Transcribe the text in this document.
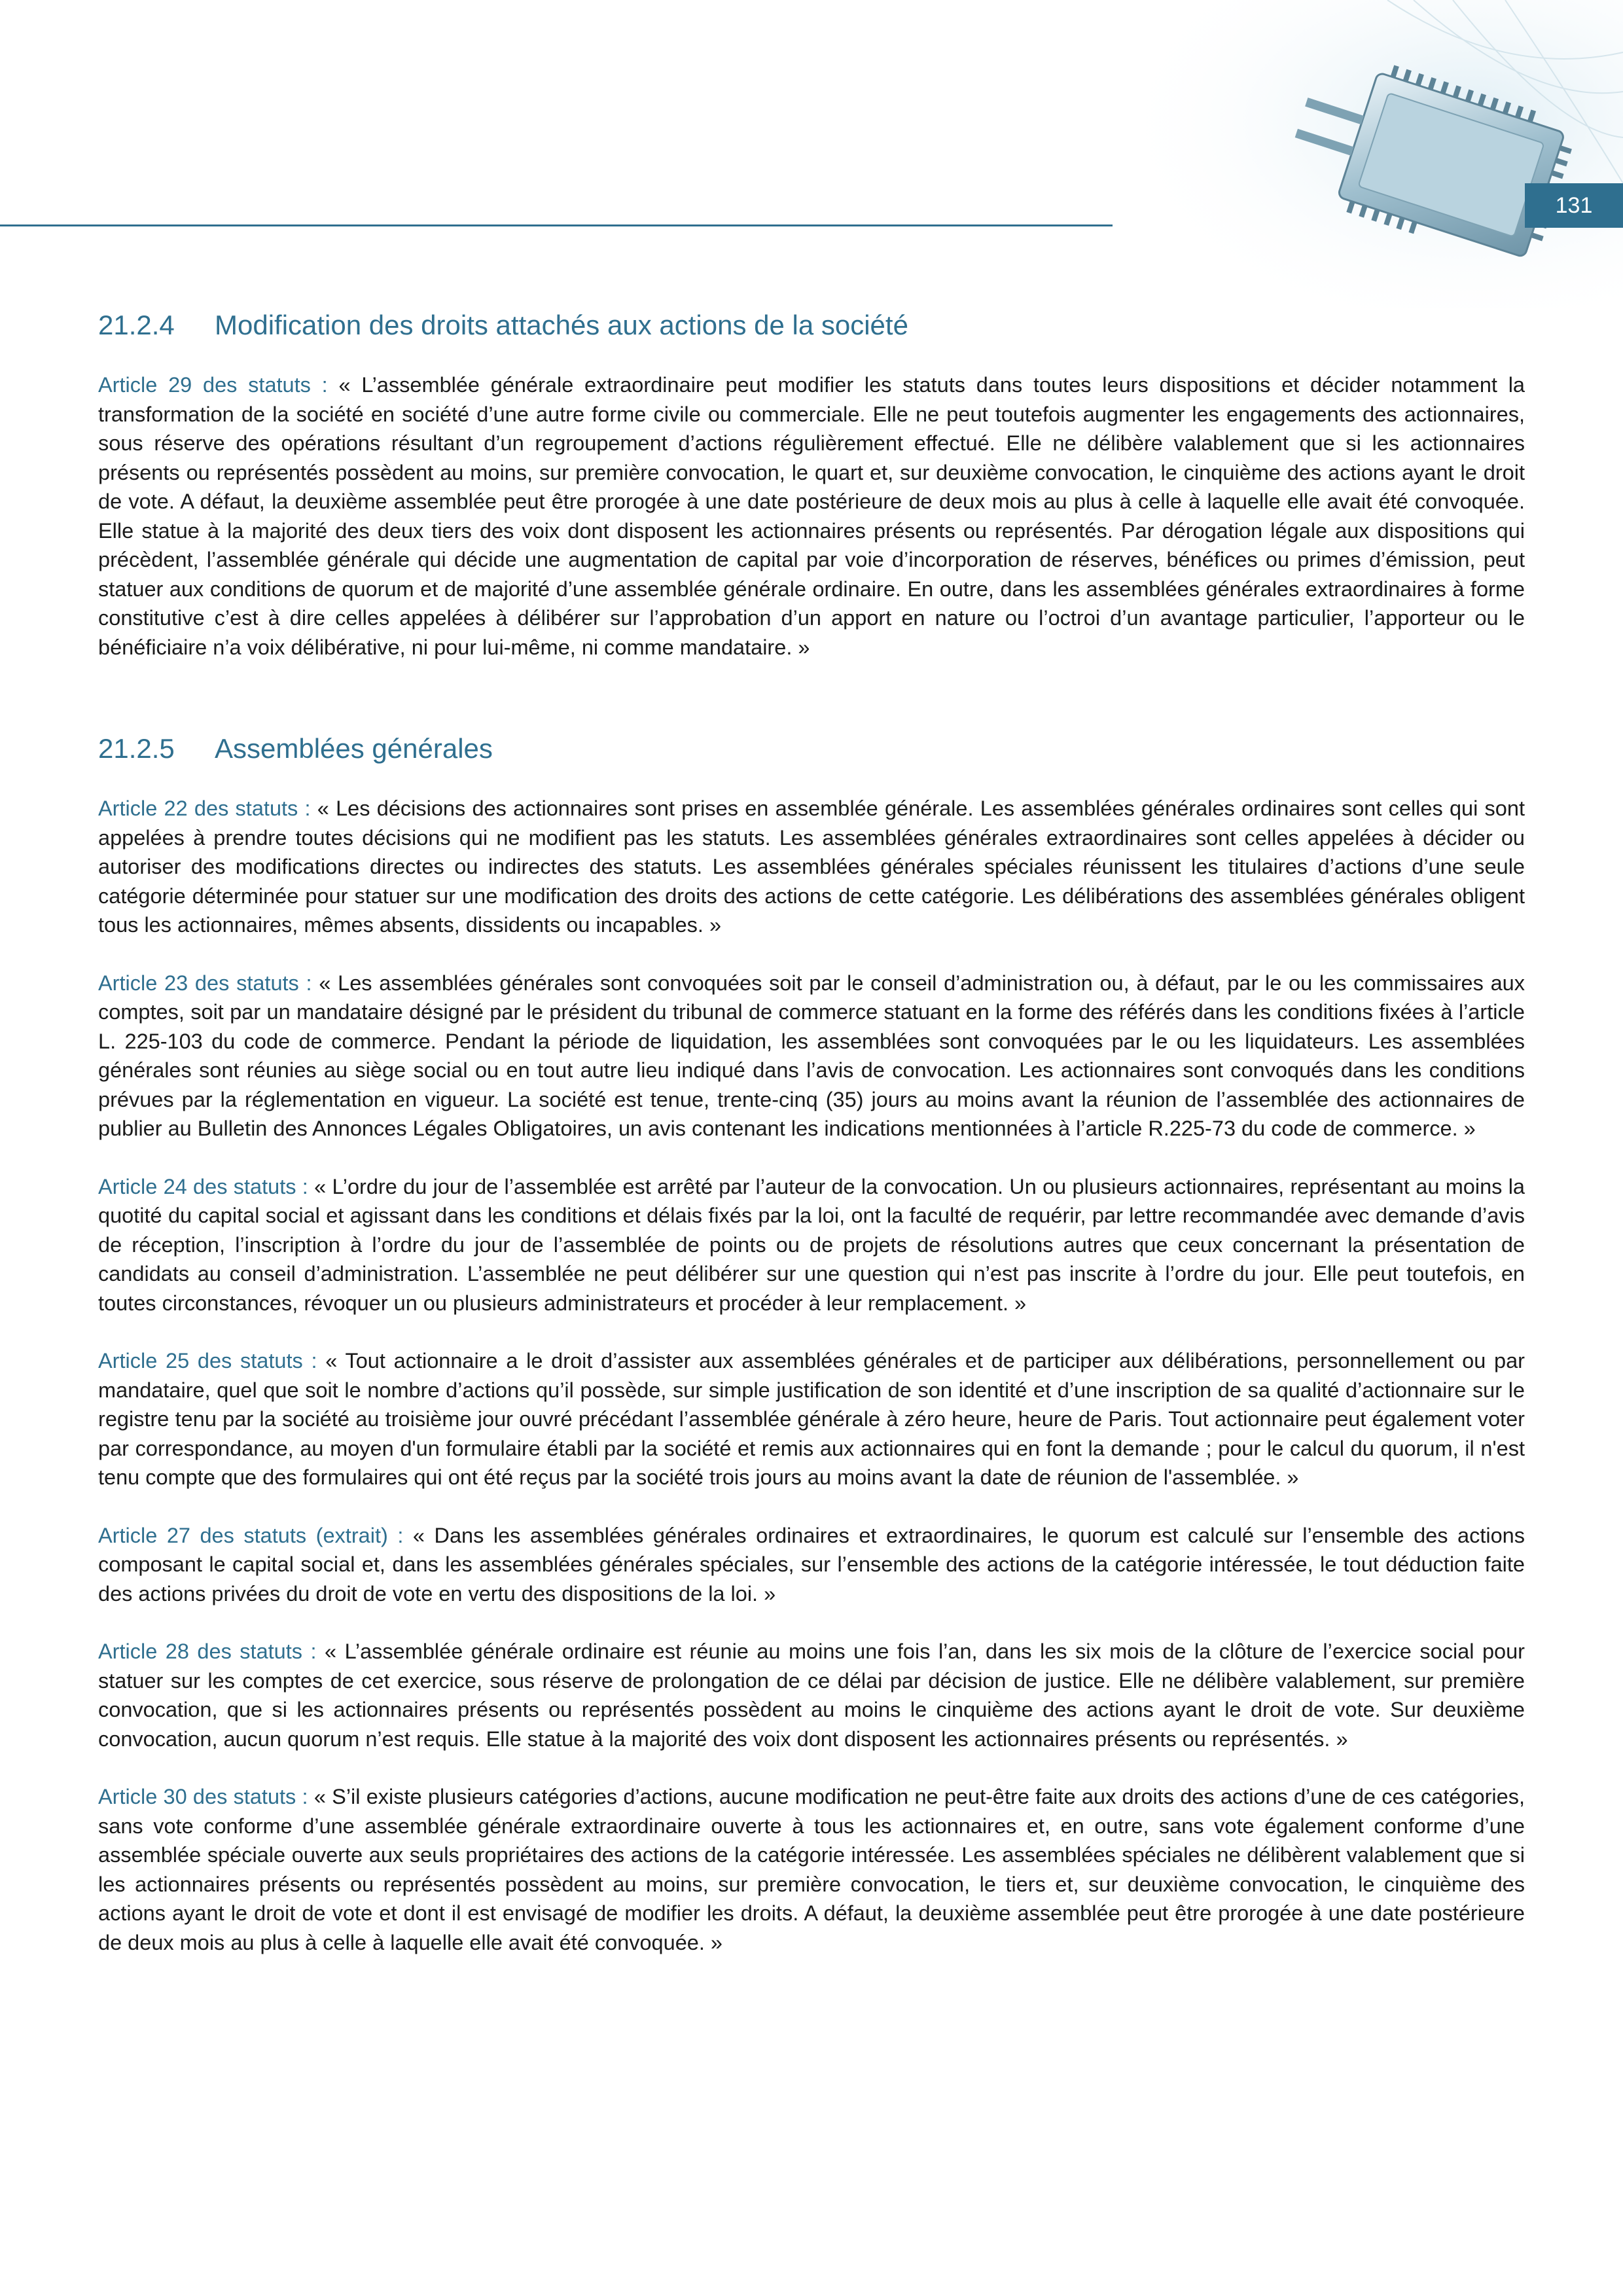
131
21.2.4 Modification des droits attachés aux actions de la société

Article 29 des statuts : « L’assemblée générale extraordinaire peut modifier les statuts dans toutes leurs dispositions et décider notamment la transformation de la société en société d’une autre forme civile ou commerciale. Elle ne peut toutefois augmenter les engagements des actionnaires, sous réserve des opérations résultant d’un regroupement d’actions régulièrement effectué. Elle ne délibère valablement que si les actionnaires présents ou représentés possèdent au moins, sur première convocation, le quart et, sur deuxième convocation, le cinquième des actions ayant le droit de vote. A défaut, la deuxième assemblée peut être prorogée à une date postérieure de deux mois au plus à celle à laquelle elle avait été convoquée. Elle statue à la majorité des deux tiers des voix dont disposent les actionnaires présents ou représentés. Par dérogation légale aux dispositions qui précèdent, l’assemblée générale qui décide une augmentation de capital par voie d’incorporation de réserves, bénéfices ou primes d’émission, peut statuer aux conditions de quorum et de majorité d’une assemblée générale ordinaire. En outre, dans les assemblées générales extraordinaires à forme constitutive c’est à dire celles appelées à délibérer sur l’approbation d’un apport en nature ou l’octroi d’un avantage particulier, l’apporteur ou le bénéficiaire n’a voix délibérative, ni pour lui-même, ni comme mandataire. »

21.2.5 Assemblées générales

Article 22 des statuts : « Les décisions des actionnaires sont prises en assemblée générale. Les assemblées générales ordinaires sont celles qui sont appelées à prendre toutes décisions qui ne modifient pas les statuts. Les assemblées générales extraordinaires sont celles appelées à décider ou autoriser des modifications directes ou indirectes des statuts. Les assemblées générales spéciales réunissent les titulaires d’actions d’une seule catégorie déterminée pour statuer sur une modification des droits des actions de cette catégorie. Les délibérations des assemblées générales obligent tous les actionnaires, mêmes absents, dissidents ou incapables. »

Article 23 des statuts : « Les assemblées générales sont convoquées soit par le conseil d’administration ou, à défaut, par le ou les commissaires aux comptes, soit par un mandataire désigné par le président du tribunal de commerce statuant en la forme des référés dans les conditions fixées à l’article L. 225-103 du code de commerce. Pendant la période de liquidation, les assemblées sont convoquées par le ou les liquidateurs. Les assemblées générales sont réunies au siège social ou en tout autre lieu indiqué dans l’avis de convocation. Les actionnaires sont convoqués dans les conditions prévues par la réglementation en vigueur. La société est tenue, trente-cinq (35) jours au moins avant la réunion de l’assemblée des actionnaires de publier au Bulletin des Annonces Légales Obligatoires, un avis contenant les indications mentionnées à l’article R.225-73 du code de commerce. »

Article 24 des statuts : « L’ordre du jour de l’assemblée est arrêté par l’auteur de la convocation. Un ou plusieurs actionnaires, représentant au moins la quotité du capital social et agissant dans les conditions et délais fixés par la loi, ont la faculté de requérir, par lettre recommandée avec demande d’avis de réception, l’inscription à l’ordre du jour de l’assemblée de points ou de projets de résolutions autres que ceux concernant la présentation de candidats au conseil d’administration. L’assemblée ne peut délibérer sur une question qui n’est pas inscrite à l’ordre du jour. Elle peut toutefois, en toutes circonstances, révoquer un ou plusieurs administrateurs et procéder à leur remplacement. »

Article 25 des statuts : « Tout actionnaire a le droit d’assister aux assemblées générales et de participer aux délibérations, personnellement ou par mandataire, quel que soit le nombre d’actions qu’il possède, sur simple justification de son identité et d’une inscription de sa qualité d’actionnaire sur le registre tenu par la société au troisième jour ouvré précédant l’assemblée générale à zéro heure, heure de Paris. Tout actionnaire peut également voter par correspondance, au moyen d'un formulaire établi par la société et remis aux actionnaires qui en font la demande ; pour le calcul du quorum, il n'est tenu compte que des formulaires qui ont été reçus par la société trois jours au moins avant la date de réunion de l'assemblée. »

Article 27 des statuts (extrait) : « Dans les assemblées générales ordinaires et extraordinaires, le quorum est calculé sur l’ensemble des actions composant le capital social et, dans les assemblées générales spéciales, sur l’ensemble des actions de la catégorie intéressée, le tout déduction faite des actions privées du droit de vote en vertu des dispositions de la loi. »

Article 28 des statuts : « L’assemblée générale ordinaire est réunie au moins une fois l’an, dans les six mois de la clôture de l’exercice social pour statuer sur les comptes de cet exercice, sous réserve de prolongation de ce délai par décision de justice. Elle ne délibère valablement, sur première convocation, que si les actionnaires présents ou représentés possèdent au moins le cinquième des actions ayant le droit de vote. Sur deuxième convocation, aucun quorum n’est requis. Elle statue à la majorité des voix dont disposent les actionnaires présents ou représentés. »

Article 30 des statuts : « S’il existe plusieurs catégories d’actions, aucune modification ne peut-être faite aux droits des actions d’une de ces catégories, sans vote conforme d’une assemblée générale extraordinaire ouverte à tous les actionnaires et, en outre, sans vote également conforme d’une assemblée spéciale ouverte aux seuls propriétaires des actions de la catégorie intéressée. Les assemblées spéciales ne délibèrent valablement que si les actionnaires présents ou représentés possèdent au moins, sur première convocation, le tiers et, sur deuxième convocation, le cinquième des actions ayant le droit de vote et dont il est envisagé de modifier les droits. A défaut, la deuxième assemblée peut être prorogée à une date postérieure de deux mois au plus à celle à laquelle elle avait été convoquée. »
